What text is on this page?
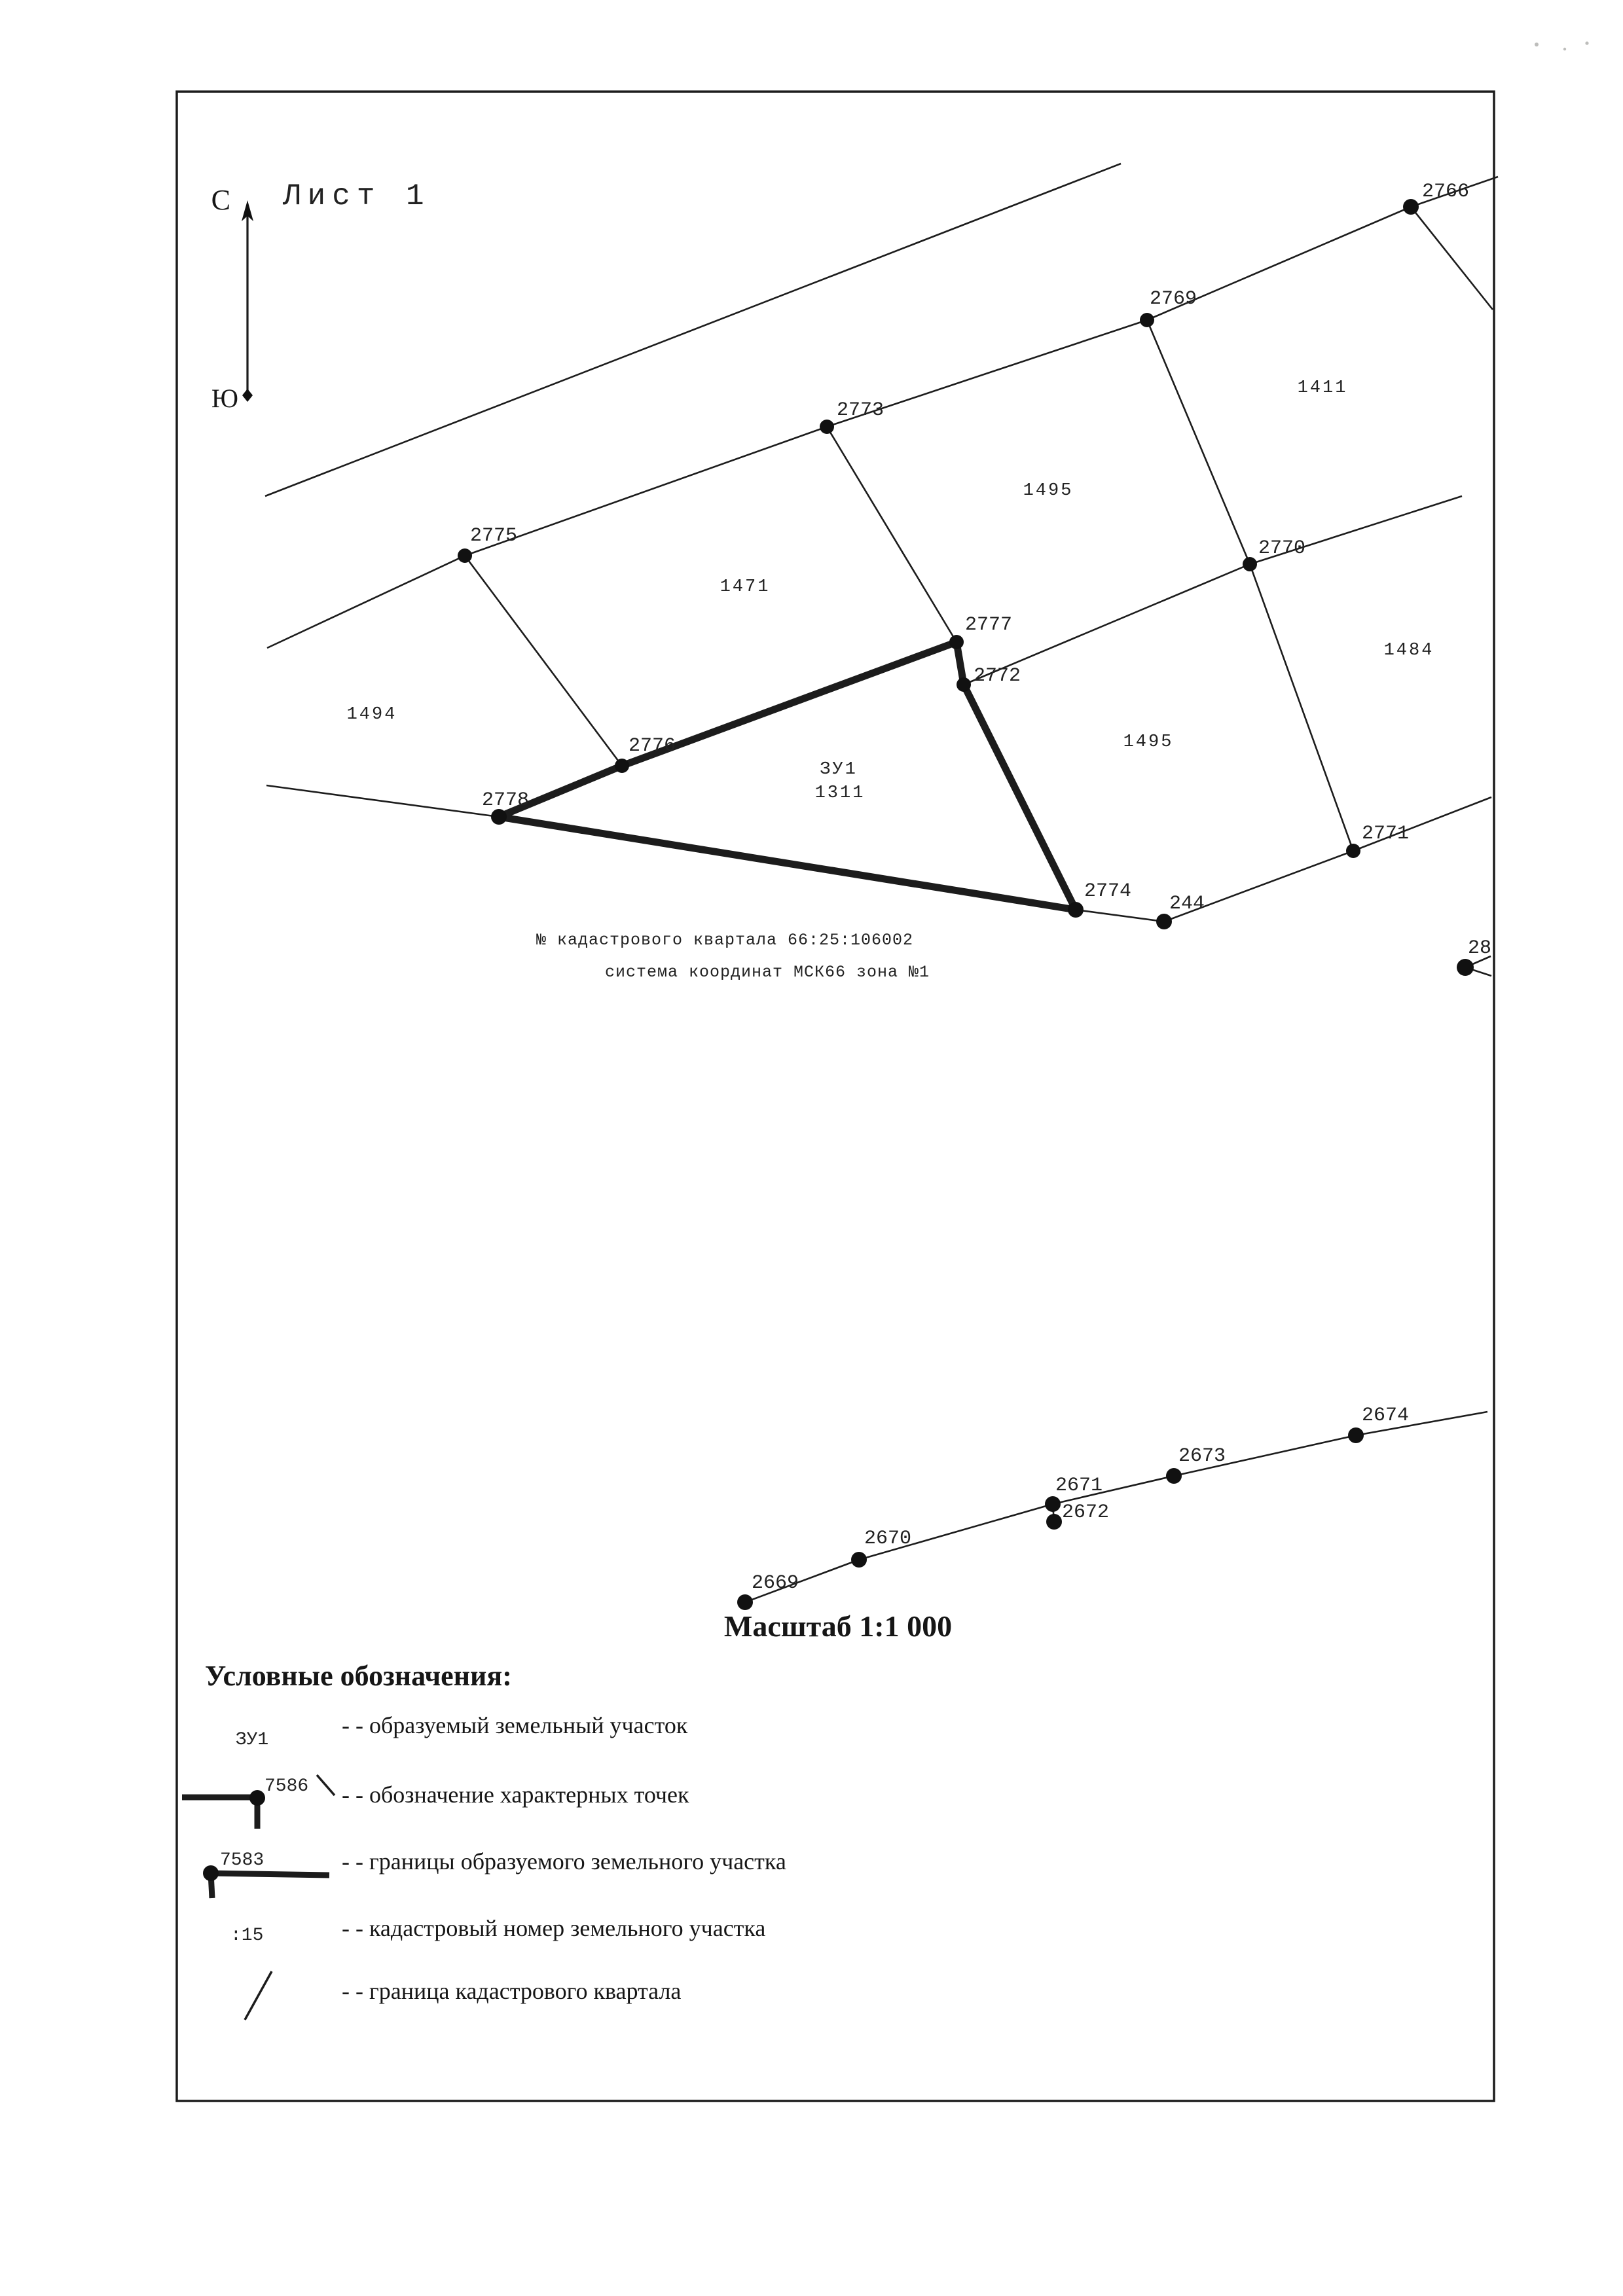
Лист 1
С
Ю
2775
2773
2769
2766
2770
2771
2776
2777
2772
2778
2774
244
28
2669
2670
2671
2672
2673
2674
1494
1471
1495
1411
1484
1495
ЗУ1
1311
№ кадастрового квартала 66:25:106002
система координат МСК66 зона №1
Масштаб 1:1 000
Условные обозначения:
ЗУ1
- - образуемый земельный участок
7586 - - обозначение характерных точек
7583	- - границы образуемого земельного участка
:15	- - кадастровый номер земельного участка
- - граница кадастрового квартала
